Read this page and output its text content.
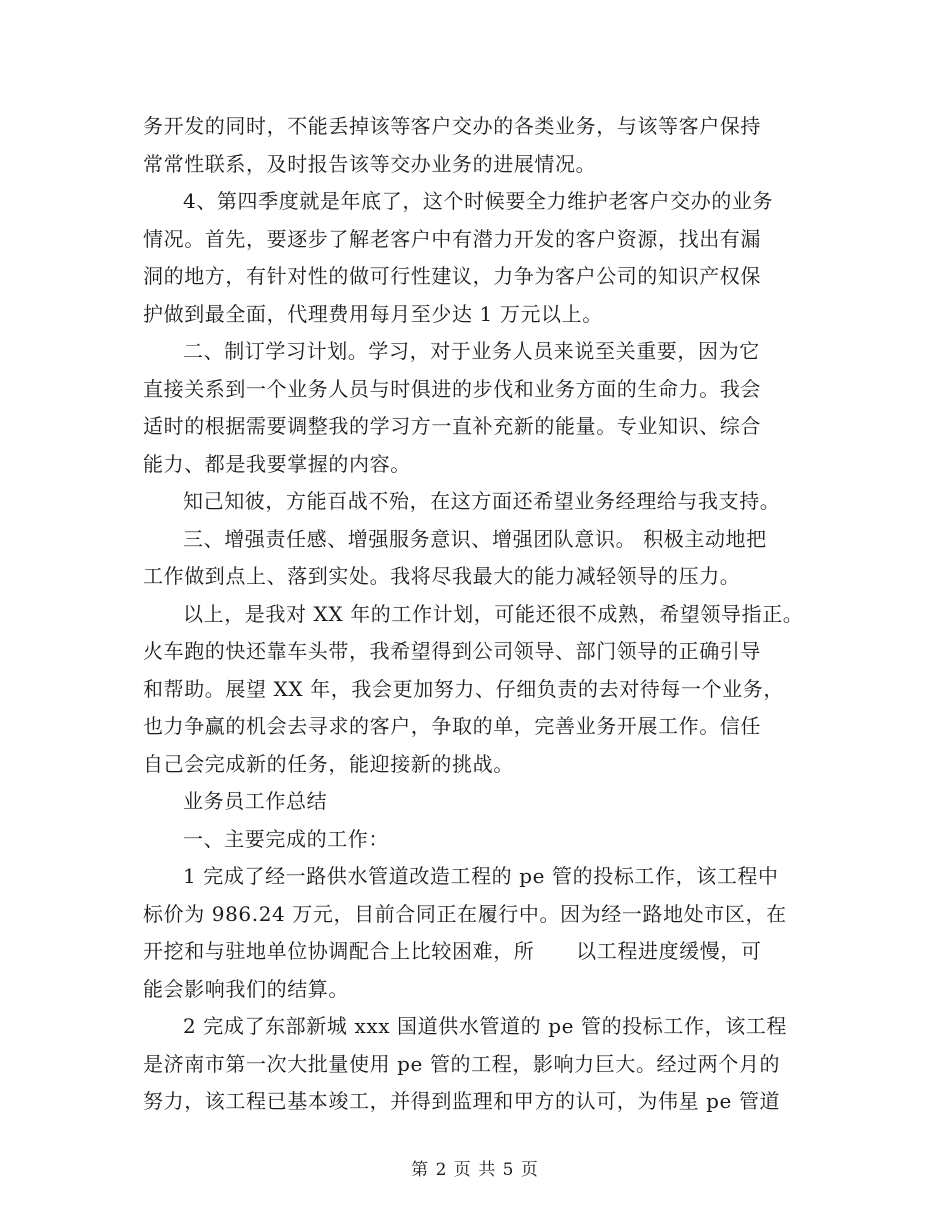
务开发的同时，不能丢掉该等客户交办的各类业务，与该等客户保持
常常性联系，及时报告该等交办业务的进展情况。
4、第四季度就是年底了，这个时候要全力维护老客户交办的业务
情况。首先，要逐步了解老客户中有潜力开发的客户资源，找出有漏
洞的地方，有针对性的做可行性建议，力争为客户公司的知识产权保
护做到最全面，代理费用每月至少达 1 万元以上。
二、制订学习计划。学习，对于业务人员来说至关重要，因为它
直接关系到一个业务人员与时俱进的步伐和业务方面的生命力。我会
适时的根据需要调整我的学习方一直补充新的能量。专业知识、综合
能力、都是我要掌握的内容。
知己知彼，方能百战不殆，在这方面还希望业务经理给与我支持。
三、增强责任感、增强服务意识、增强团队意识。 积极主动地把
工作做到点上、落到实处。我将尽我最大的能力减轻领导的压力。
以上，是我对 XX 年的工作计划，可能还很不成熟，希望领导指正。
火车跑的快还靠车头带，我希望得到公司领导、部门领导的正确引导
和帮助。展望 XX 年，我会更加努力、仔细负责的去对待每一个业务，
也力争赢的机会去寻求的客户，争取的单，完善业务开展工作。信任
自己会完成新的任务，能迎接新的挑战。
业务员工作总结
一、主要完成的工作：
1 完成了经一路供水管道改造工程的 pe 管的投标工作，该工程中
标价为 986.24 万元，目前合同正在履行中。因为经一路地处市区，在
开挖和与驻地单位协调配合上比较困难，所      以工程进度缓慢，可
能会影响我们的结算。
2 完成了东部新城 xxx 国道供水管道的 pe 管的投标工作，该工程
是济南市第一次大批量使用 pe 管的工程，影响力巨大。经过两个月的
努力，该工程已基本竣工，并得到监理和甲方的认可，为伟星 pe 管道
第 2 页 共 5 页
